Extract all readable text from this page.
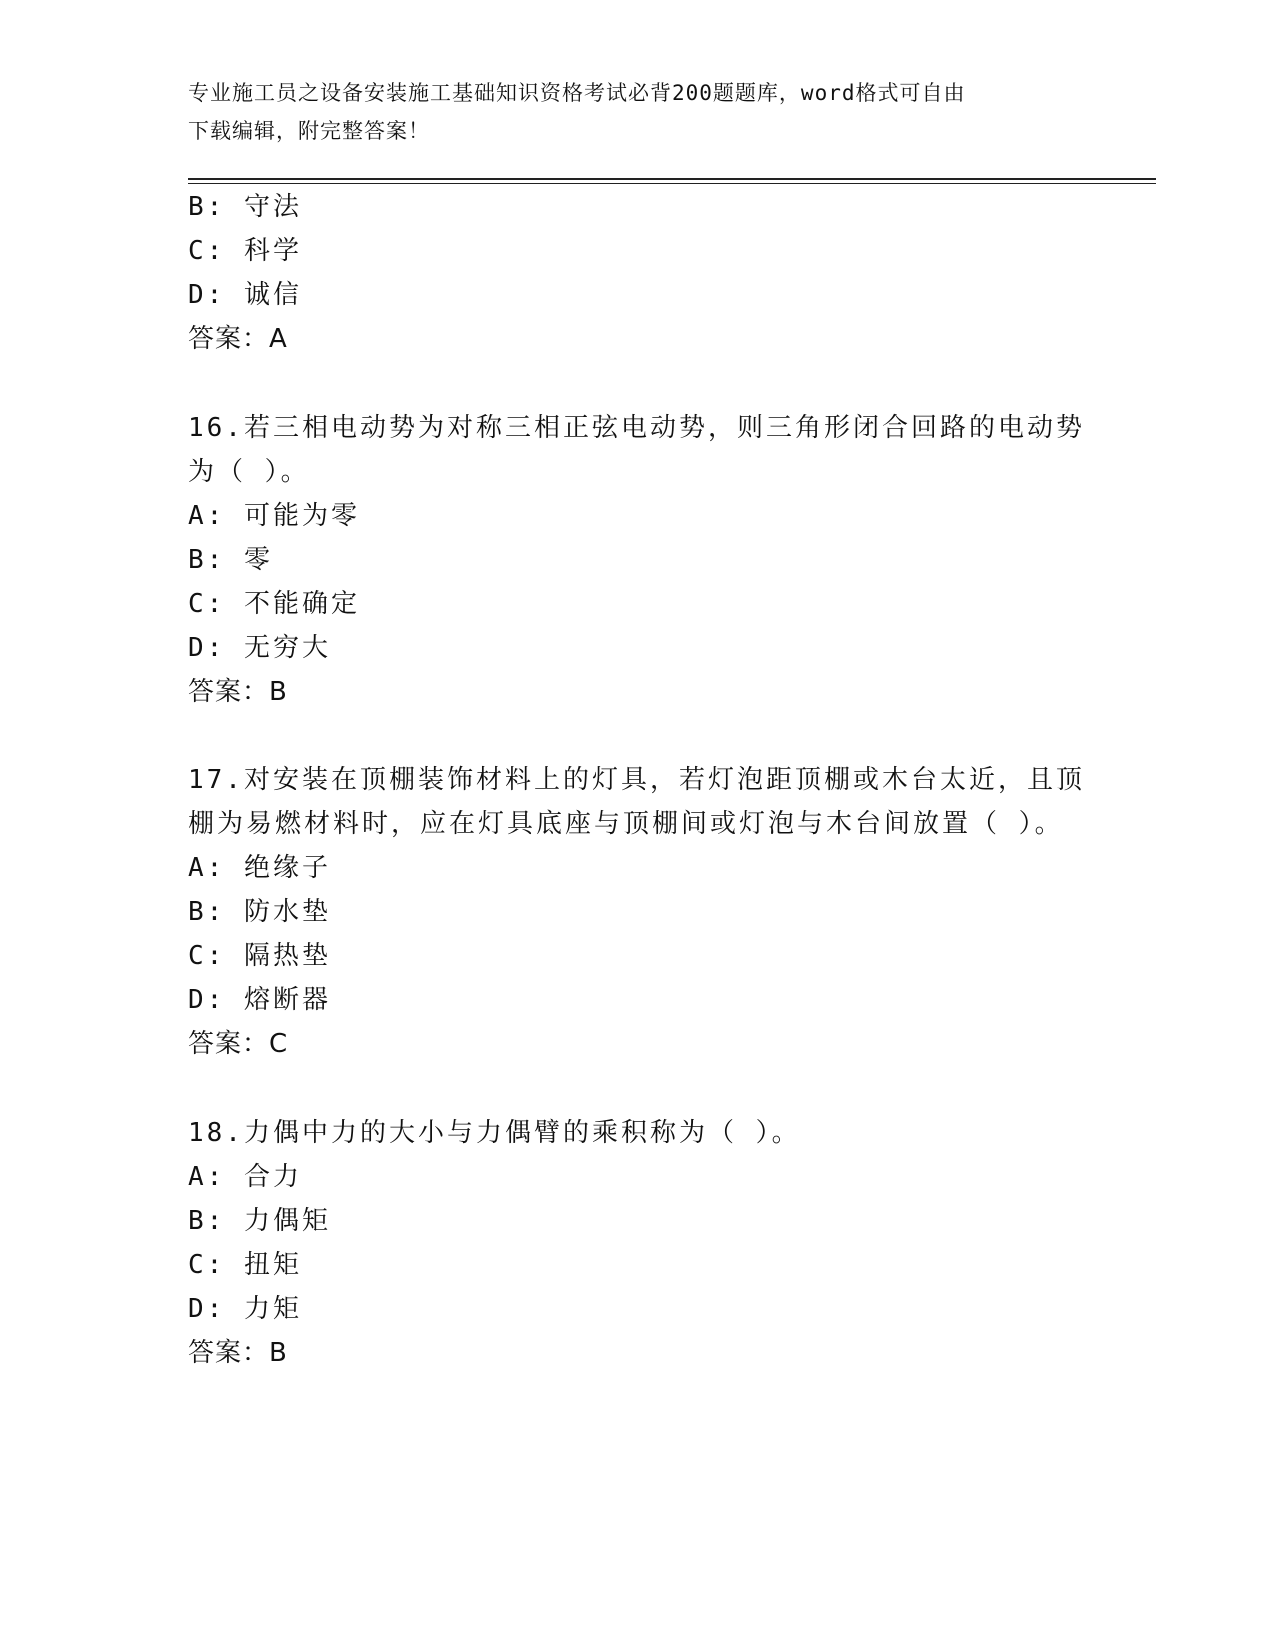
专业施工员之设备安装施工基础知识资格考试必背200题题库，word格式可自由
下载编辑，附完整答案！
B: 守法
C: 科学
D: 诚信
答案：A
16.若三相电动势为对称三相正弦电动势，则三角形闭合回路的电动势
为（ ）。
A: 可能为零
B: 零
C: 不能确定
D: 无穷大
答案：B
17.对安装在顶棚装饰材料上的灯具，若灯泡距顶棚或木台太近，且顶
棚为易燃材料时，应在灯具底座与顶棚间或灯泡与木台间放置（ ）。
A: 绝缘子
B: 防水垫
C: 隔热垫
D: 熔断器
答案：C
18.力偶中力的大小与力偶臂的乘积称为（ ）。
A: 合力
B: 力偶矩
C: 扭矩
D: 力矩
答案：B
